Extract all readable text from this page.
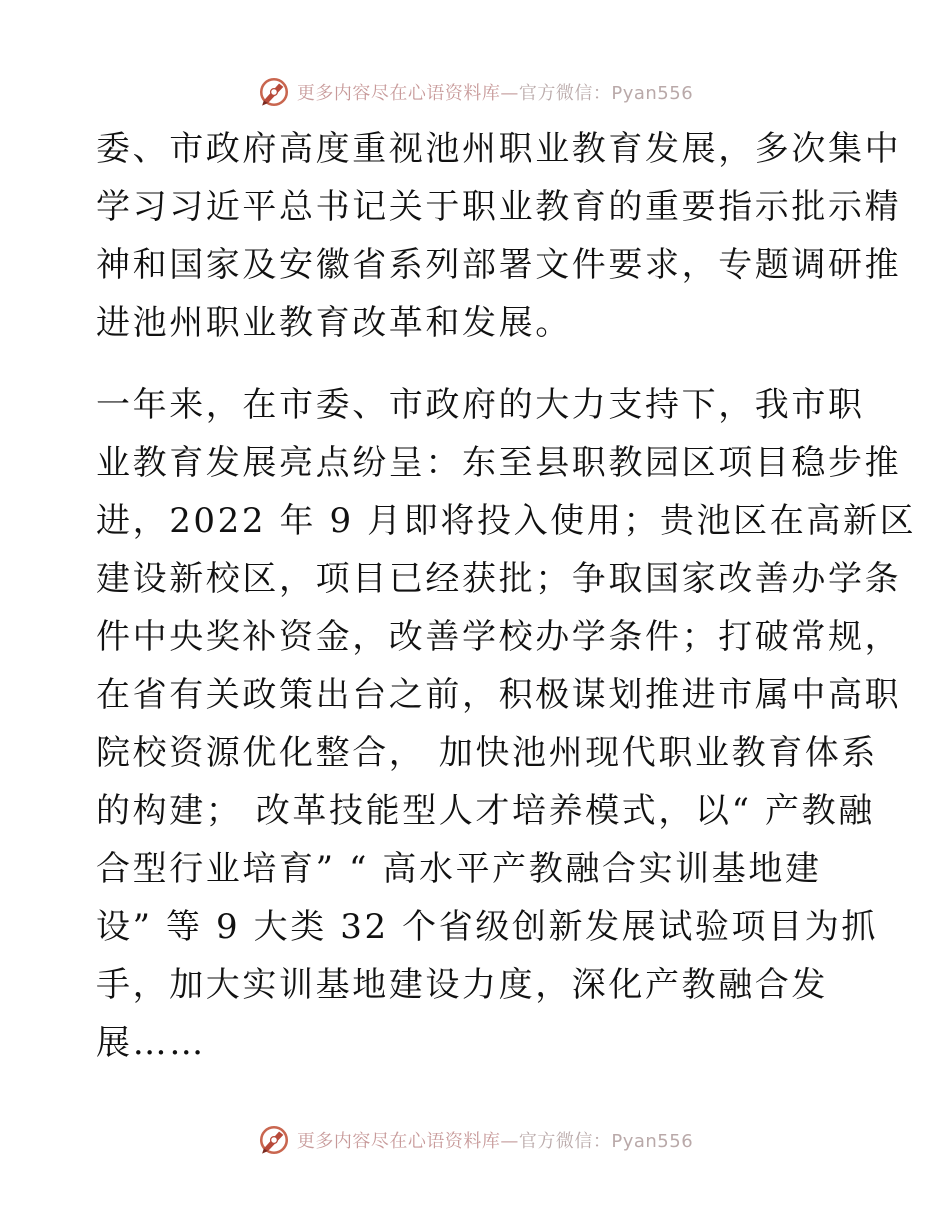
更多内容尽在心语资料库—官方微信：Pyan556
委、市政府高度重视池州职业教育发展，多次集中
学习习近平总书记关于职业教育的重要指示批示精
神和国家及安徽省系列部署文件要求，专题调研推
进池州职业教育改革和发展。
一年来，在市委、市政府的大力支持下，我市职
业教育发展亮点纷呈：东至县职教园区项目稳步推
进，2022 年 9 月即将投入使用；贵池区在高新区
建设新校区，项目已经获批；争取国家改善办学条
件中央奖补资金，改善学校办学条件；打破常规，
在省有关政策出台之前，积极谋划推进市属中高职
院校资源优化整合， 加快池州现代职业教育体系
的构建； 改革技能型人才培养模式，以“ 产教融
合型行业培育” “ 高水平产教融合实训基地建
设” 等 9 大类 32 个省级创新发展试验项目为抓
手，加大实训基地建设力度，深化产教融合发
展……
更多内容尽在心语资料库—官方微信：Pyan556
